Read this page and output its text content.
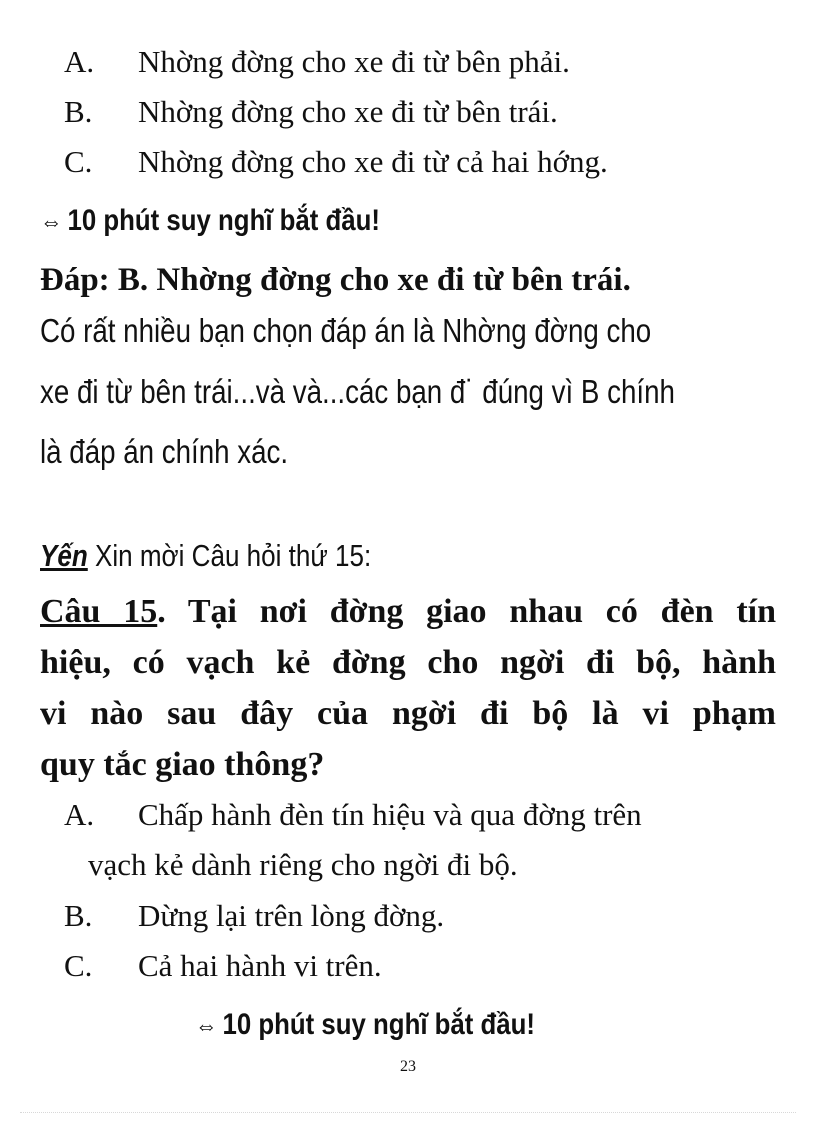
A. Nhờng đờng cho xe đi từ bên phải.
B. Nhờng đờng cho xe đi từ bên trái.
C. Nhờng đờng cho xe đi từ cả hai hớng.
⇔ 10 phút suy nghĩ bắt đầu!
Đáp: B. Nhờng đờng cho xe đi từ bên trái.
Có rất nhiều bạn chọn đáp án là Nhờng đờng cho
xe đi từ bên trái...và và...các bạn đ˙ đúng vì B chính
là đáp án chính xác.
Yến Xin mời Câu hỏi thứ 15:
Câu 15. Tại nơi đờng giao nhau có đèn tín
hiệu, có vạch kẻ đờng cho ngời đi bộ, hành
vi nào sau đây của ngời đi bộ là vi phạm
quy tắc giao thông?
A. Chấp hành đèn tín hiệu và qua đờng trên
vạch kẻ dành riêng cho ngời đi bộ.
B. Dừng lại trên lòng đờng.
C. Cả hai hành vi trên.
⇔ 10 phút suy nghĩ bắt đầu!
23
